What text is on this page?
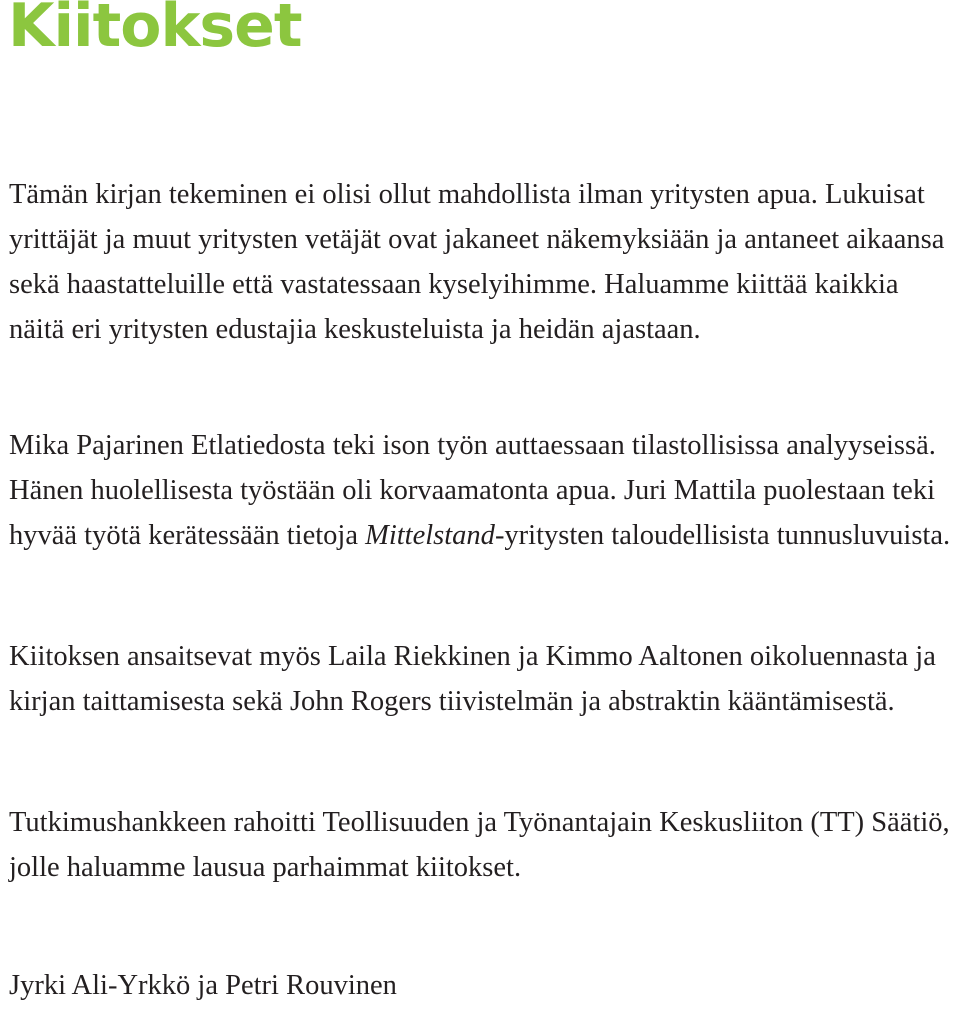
Kiitokset

Tämän kirjan tekeminen ei olisi ollut mahdollista ilman yritysten apua. Lukuisat yrittäjät ja muut yritysten vetäjät ovat jakaneet näkemyksiään ja antaneet aikaansa sekä haastatteluille että vastatessaan kyselyihimme. Haluamme kiittää kaikkia näitä eri yritysten edustajia keskusteluista ja heidän ajastaan.

Mika Pajarinen Etlatiedosta teki ison työn auttaessaan tilastollisissa analyyseissä. Hänen huolellisesta työstään oli korvaamatonta apua. Juri Mattila puolestaan teki hyvää työtä kerätessään tietoja Mittelstand-yritysten taloudellisista tunnusluvuista.

Kiitoksen ansaitsevat myös Laila Riekkinen ja Kimmo Aaltonen oikoluennasta ja kirjan taittamisesta sekä John Rogers tiivistelmän ja abstraktin kääntämisestä.

Tutkimushankkeen rahoitti Teollisuuden ja Työnantajain Keskusliiton (TT) Säätiö, jolle haluamme lausua parhaimmat kiitokset.

Jyrki Ali-Yrkkö ja Petri Rouvinen
